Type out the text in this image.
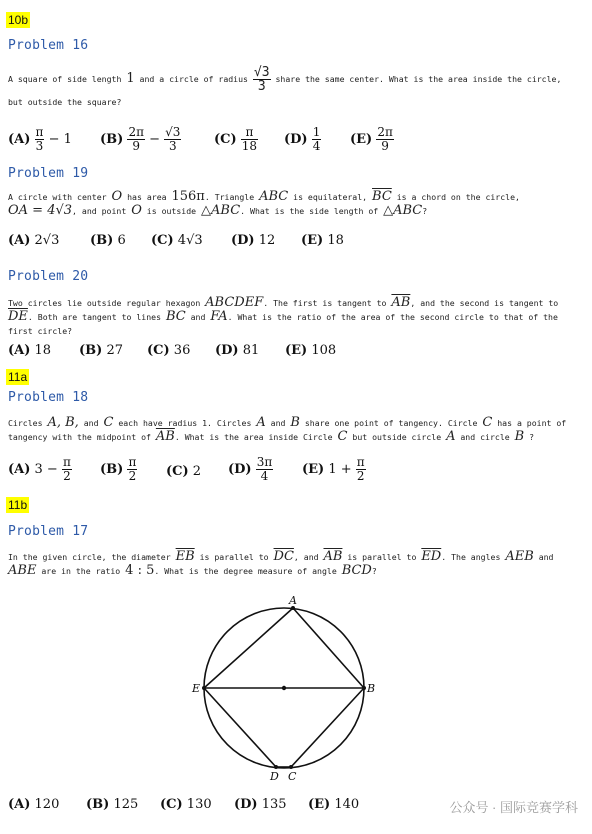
10b
Problem 16
A square of side length 1 and a circle of radius $\frac{√3}{3}$ share the same center. What is the area inside the circle,
but outside the square?
$(A) \frac{\pi}{3} - 1$ $(B) \frac{2\pi}{9} - \frac{√3}{3}$	$(C) \frac{\pi}{18} (D) \frac{1}{4} (E) \frac{2\pi}{9}$
Problem 19
A circle with center O has area 156π. Triangle ABC is equilateral, $\overline{BC}$ is a chord on the circle,
OA = 4√3, and point O is outside △ABC. What is the side length of △ABC?
(A) 2√3 (B) 6 (C) 4√3 (D) 12 (E) 18
Problem 20
Two circles lie outside regular hexagon ABCDEF. The first is tangent to $\overline{AB}$, and the second is tangent to
$\overline{DE}$. Both are tangent to lines BC and FA. What is the ratio of the area of the second circle to that of the
first circle?
(A) 18 (B) 27 (C) 36 (D) 81 (E) 108
11a
Problem 18
Circles A, B, and C each have radius 1. Circles A and B share one point of tangency. Circle C has a point of
tangency with the midpoint of $\overline{AB}$. What is the area inside Circle C but outside circle A and circle B ?
(A) $3 - \frac{\pi}{2} (B) \frac{\pi}{2} (C)$ 2 $(D) \frac{3\pi}{4} (E) 1 + \frac{\pi}{2}$
11b
Problem 17
In the given circle, the diameter $\overline{EB}$ is parallel to $\overline{DC}$, and $\overline{AB}$ is parallel to $\overline{ED}$. The angles AEB and
ABE are in the ratio 4 : 5. What is the degree measure of angle BCD?
A
E	B
D C
(A) 120 (B) 125 (C) 130 (D) 135 (E) 140	公众号 · 国际竞赛学科
